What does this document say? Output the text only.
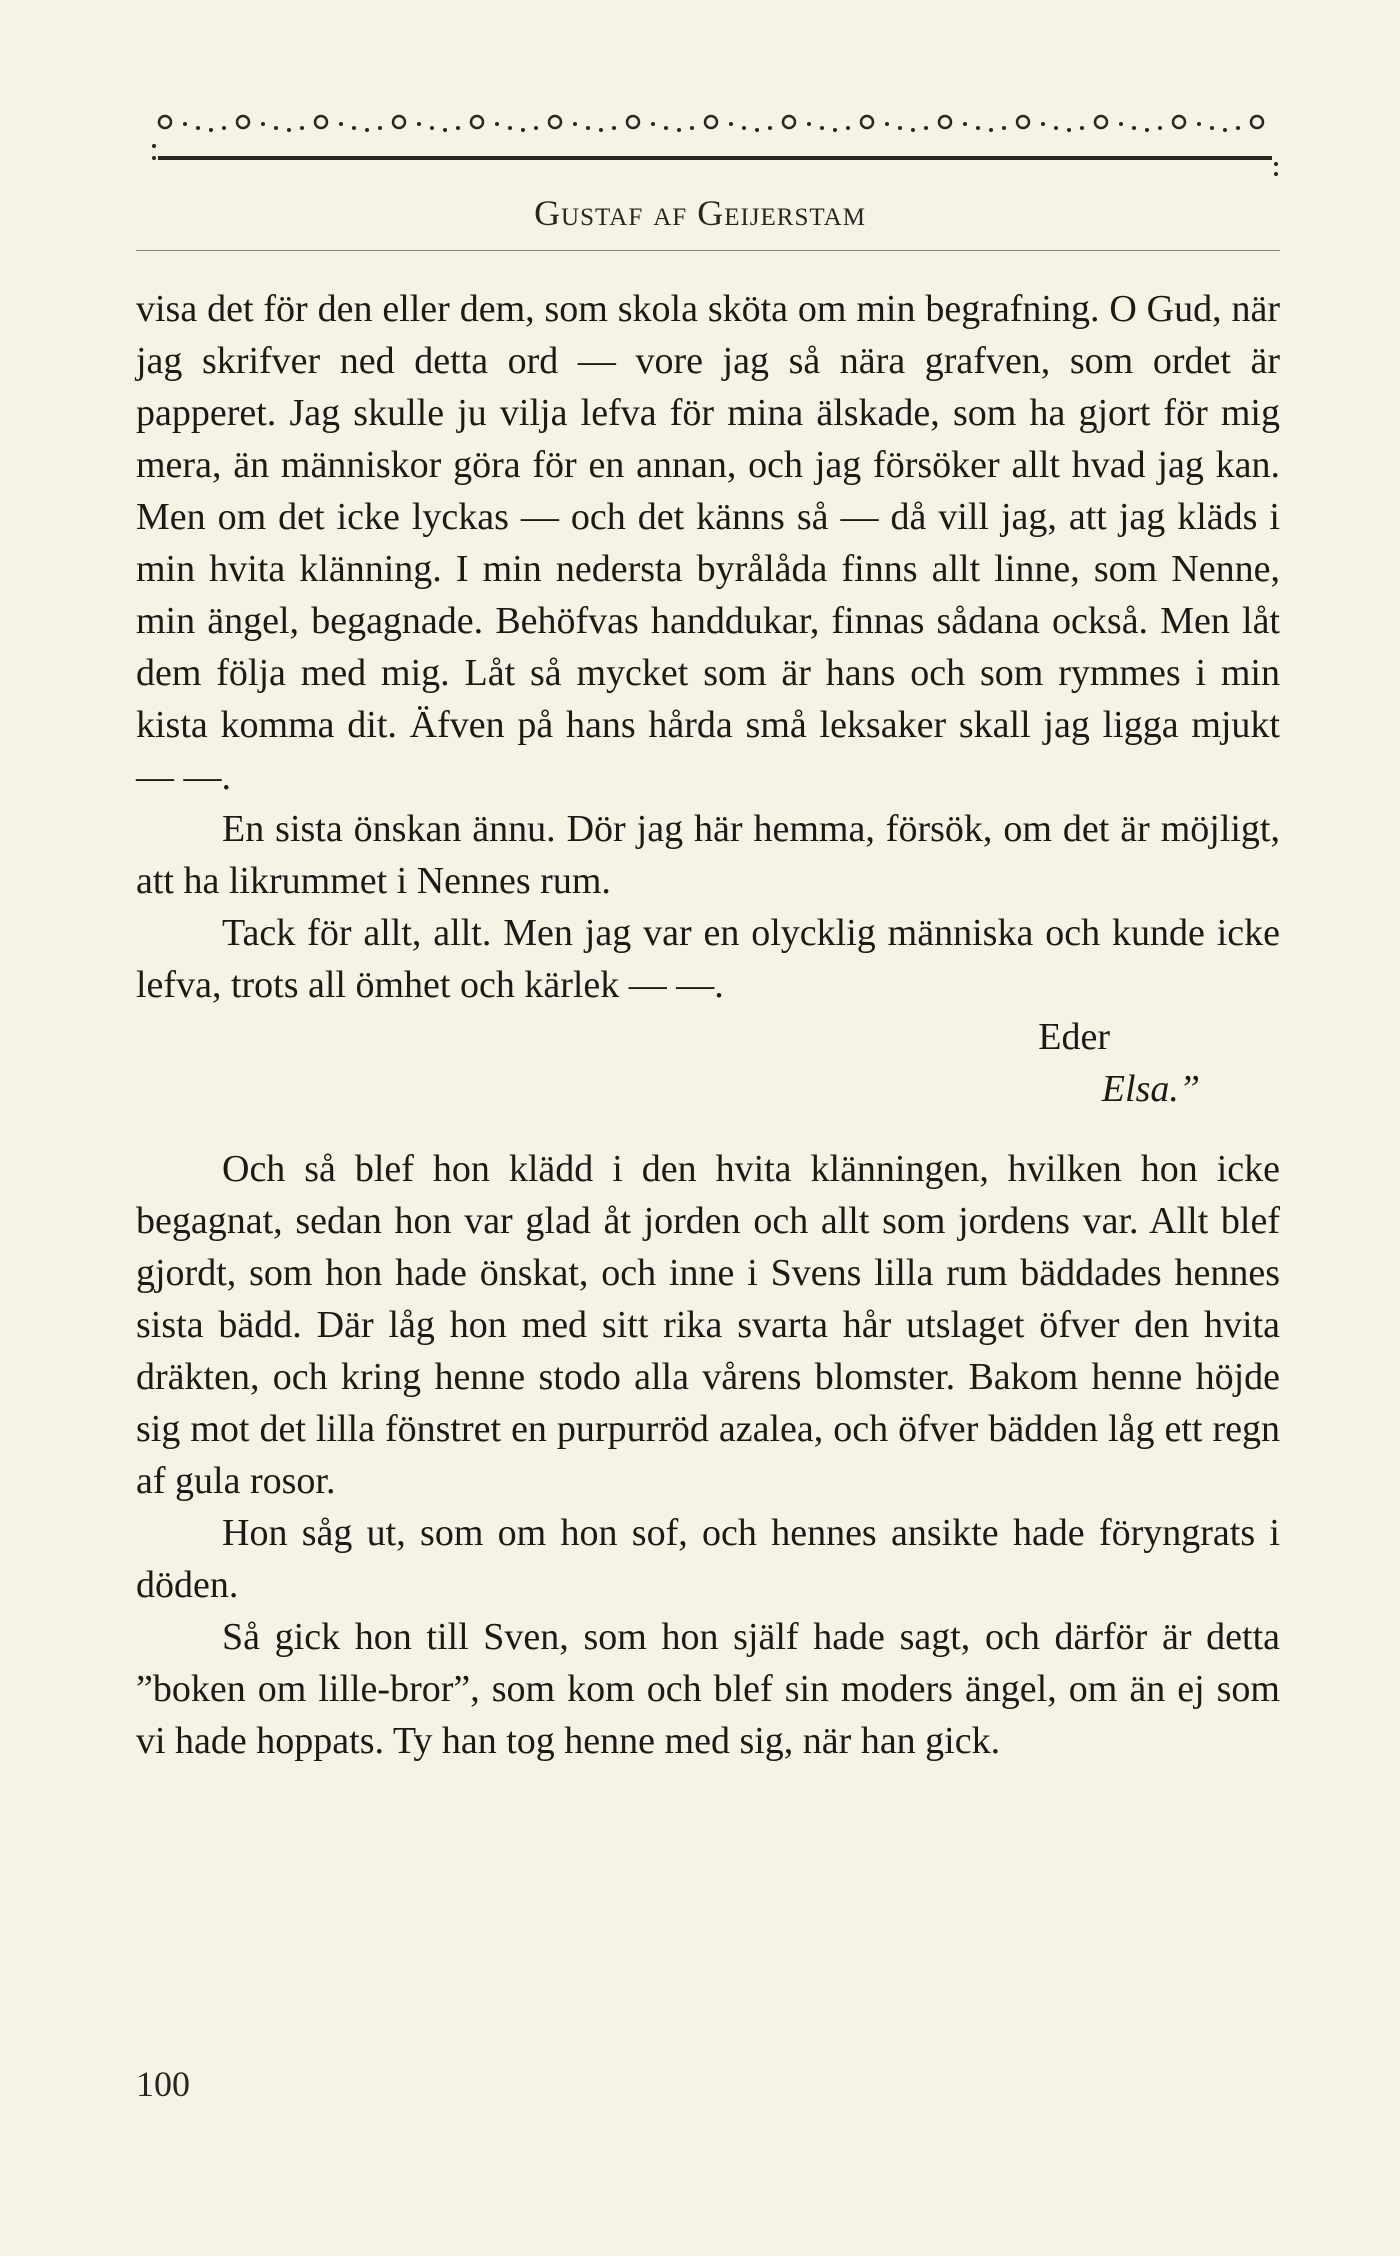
Gustaf af Geijerstam

visa det för den eller dem, som skola sköta om min begrafning. O Gud, när jag skrifver ned detta ord — vore jag så nära grafven, som ordet är papperet. Jag skulle ju vilja lefva för mina älskade, som ha gjort för mig mera, än människor göra för en annan, och jag försöker allt hvad jag kan. Men om det icke lyckas — och det känns så — då vill jag, att jag kläds i min hvita klänning. I min nedersta byrålåda finns allt linne, som Nenne, min ängel, begagnade. Behöfvas handdukar, finnas sådana också. Men låt dem följa med mig. Låt så mycket som är hans och som rymmes i min kista komma dit. Äfven på hans hårda små leksaker skall jag ligga mjukt — —.

En sista önskan ännu. Dör jag här hemma, försök, om det är möjligt, att ha likrummet i Nennes rum.

Tack för allt, allt. Men jag var en olycklig människa och kunde icke lefva, trots all ömhet och kärlek — —.

Eder

Elsa.”

Och så blef hon klädd i den hvita klänningen, hvilken hon icke begagnat, sedan hon var glad åt jorden och allt som jordens var. Allt blef gjordt, som hon hade önskat, och inne i Svens lilla rum bäddades hennes sista bädd. Där låg hon med sitt rika svarta hår utslaget öfver den hvita dräkten, och kring henne stodo alla vårens blomster. Bakom henne höjde sig mot det lilla fönstret en purpurröd azalea, och öfver bädden låg ett regn af gula rosor.

Hon såg ut, som om hon sof, och hennes ansikte hade föryngrats i döden.

Så gick hon till Sven, som hon själf hade sagt, och därför är detta ”boken om lille-bror”, som kom och blef sin moders ängel, om än ej som vi hade hoppats. Ty han tog henne med sig, när han gick.

100
